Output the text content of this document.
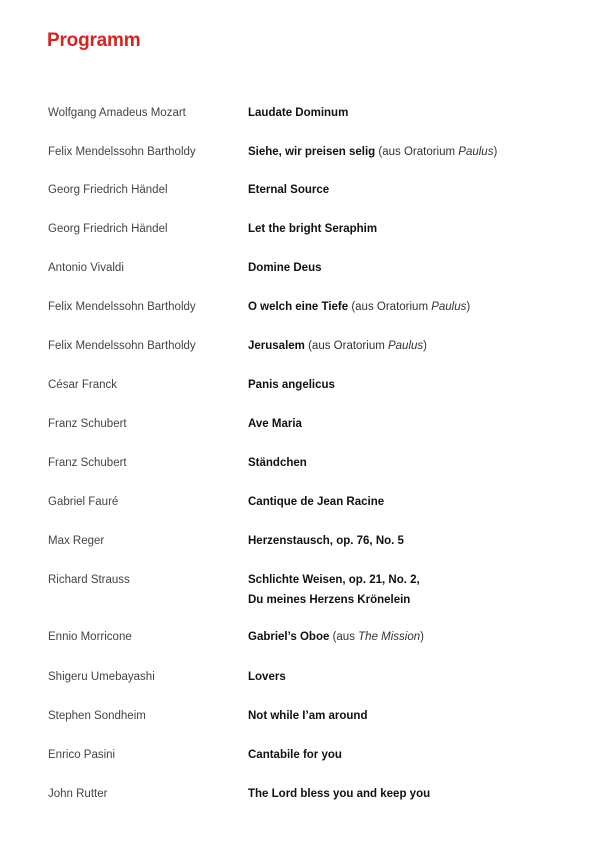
Programm
Wolfgang Amadeus Mozart	Laudate Dominum
Felix Mendelssohn Bartholdy	Siehe, wir preisen selig (aus Oratorium Paulus)
Georg Friedrich Händel	Eternal Source
Georg Friedrich Händel	Let the bright Seraphim
Antonio Vivaldi	Domine Deus
Felix Mendelssohn Bartholdy	O welch eine Tiefe (aus Oratorium Paulus)
Felix Mendelssohn Bartholdy	Jerusalem (aus Oratorium Paulus)
César Franck	Panis angelicus
Franz Schubert	Ave Maria
Franz Schubert	Ständchen
Gabriel Fauré	Cantique de Jean Racine
Max Reger	Herzenstausch, op. 76, No. 5
Richard Strauss	Schlichte Weisen, op. 21, No. 2,
Du meines Herzens Krönelein
Ennio Morricone	Gabriel’s Oboe (aus The Mission)
Shigeru Umebayashi	Lovers
Stephen Sondheim	Not while I’am around
Enrico Pasini	Cantabile for you
John Rutter	The Lord bless you and keep you
